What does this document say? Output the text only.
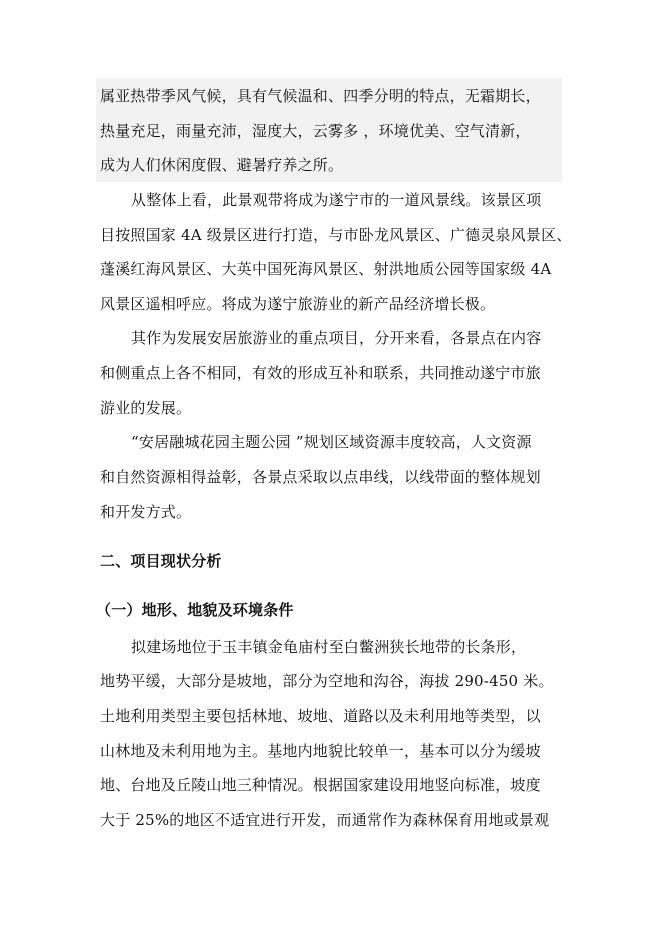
属亚热带季风气候，具有气候温和、四季分明的特点，无霜期长，
热量充足，雨量充沛，湿度大，云雾多 ，环境优美、空气清新，
成为人们休闲度假、避暑疗养之所。
从整体上看，此景观带将成为遂宁市的一道风景线。该景区项
目按照国家 4A 级景区进行打造，与市卧龙风景区、广德灵泉风景区、
蓬溪红海风景区、大英中国死海风景区、射洪地质公园等国家级 4A
风景区遥相呼应。将成为遂宁旅游业的新产品经济增长极。
其作为发展安居旅游业的重点项目，分开来看，各景点在内容
和侧重点上各不相同，有效的形成互补和联系，共同推动遂宁市旅
游业的发展。
“安居融城花园主题公园 ”规划区域资源丰度较高，人文资源
和自然资源相得益彰，各景点采取以点串线，以线带面的整体规划
和开发方式。
二、项目现状分析
（一）地形、地貌及环境条件
拟建场地位于玉丰镇金龟庙村至白鳖洲狭长地带的长条形，
地势平缓，大部分是坡地，部分为空地和沟谷，海拔 290-450 米。
土地利用类型主要包括林地、坡地、道路以及未利用地等类型，以
山林地及未利用地为主。基地内地貌比较单一，基本可以分为缓坡
地、台地及丘陵山地三种情况。根据国家建设用地竖向标准，坡度
大于 25%的地区不适宜进行开发，而通常作为森林保育用地或景观
